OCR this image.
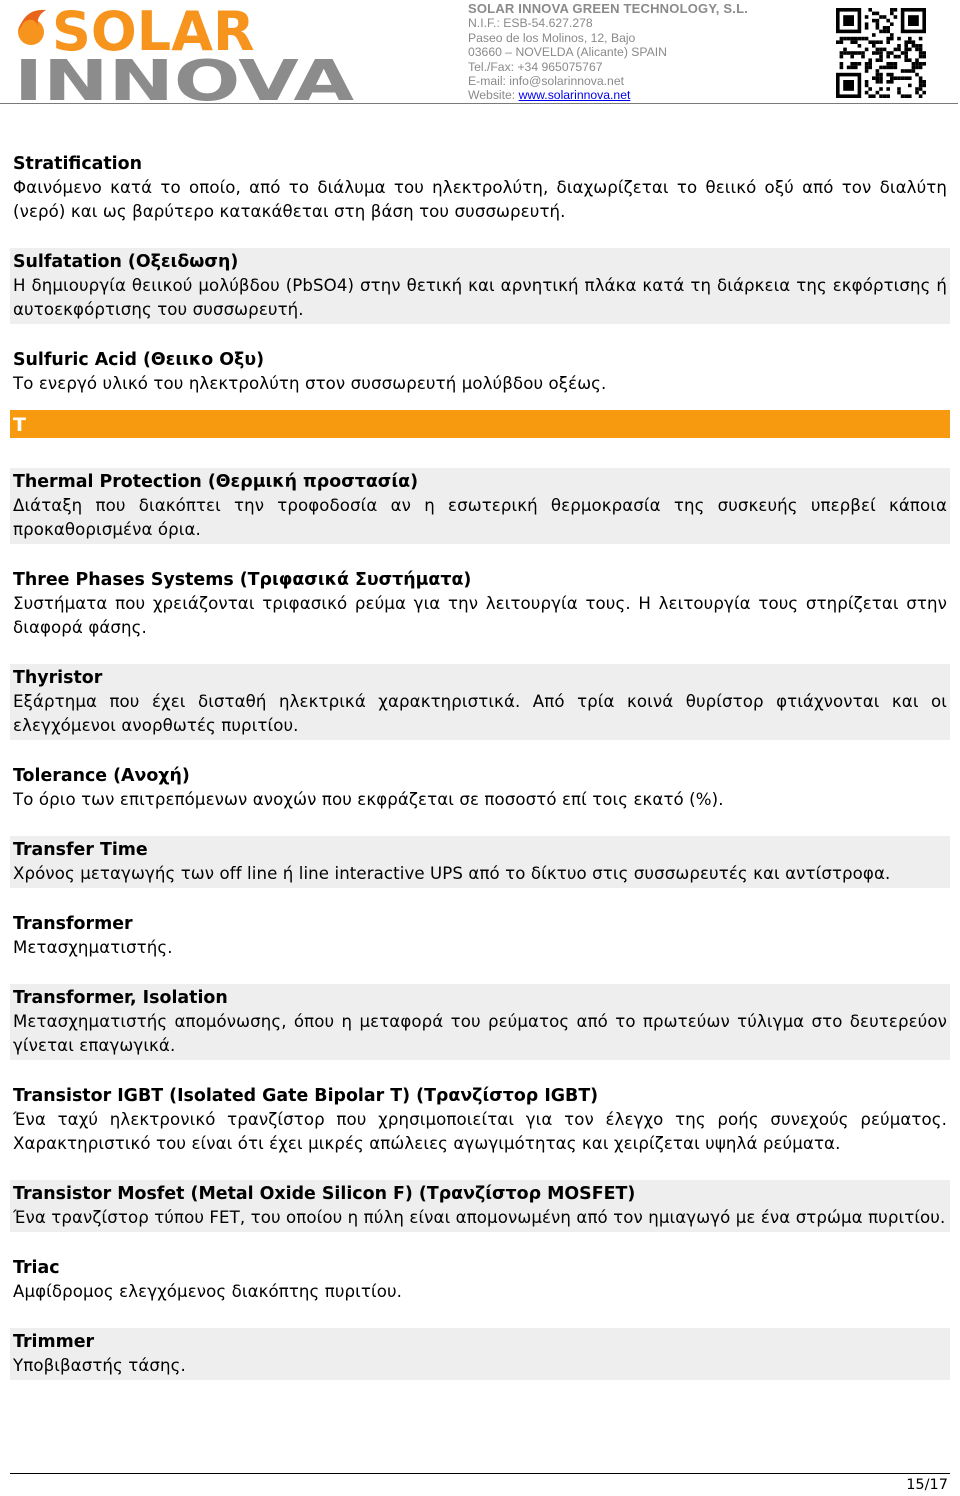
SOLAR
INNOVA
SOLAR INNOVA GREEN TECHNOLOGY, S.L.
N.I.F.: ESB-54.627.278
Paseo de los Molinos, 12, Bajo
03660 – NOVELDA (Alicante) SPAIN
Tel./Fax: +34 965075767
E-mail: info@solarinnova.net
Website: www.solarinnova.net
Stratification
Φαινόμενο κατά το οποίο, από το διάλυμα του ηλεκτρολύτη, διαχωρίζεται το θειικό οξύ από τον διαλύτη (νερό) και ως βαρύτερο κατακάθεται στη βάση του συσσωρευτή.
Sulfatation (Οξειδωση)
Η δημιουργία θειικού μολύβδου (PbSO4) στην θετική και αρνητική πλάκα κατά τη διάρκεια της εκφόρτισης ή αυτοεκφόρτισης του συσσωρευτή.
Sulfuric Acid (Θειικο Οξυ)
Το ενεργό υλικό του ηλεκτρολύτη στον συσσωρευτή μολύβδου οξέως.
T
Thermal Protection (Θερμική προστασία)
Διάταξη που διακόπτει την τροφοδοσία αν η εσωτερική θερμοκρασία της συσκευής υπερβεί κάποια προκαθορισμένα όρια.
Three Phases Systems (Τριφασικά Συστήματα)
Συστήματα που χρειάζονται τριφασικό ρεύμα για την λειτουργία τους. Η λειτουργία τους στηρίζεται στην διαφορά φάσης.
Thyristor
Εξάρτημα που έχει δισταθή ηλεκτρικά χαρακτηριστικά. Από τρία κοινά θυρίστορ φτιάχνονται και οι ελεγχόμενοι ανορθωτές πυριτίου.
Tolerance (Ανοχή)
Το όριο των επιτρεπόμενων ανοχών που εκφράζεται σε ποσοστό επί τοις εκατό (%).
Transfer Time
Χρόνος μεταγωγής των off line ή line interactive UPS από το δίκτυο στις συσσωρευτές και αντίστροφα.
Transformer
Μετασχηματιστής.
Transformer, Isolation
Μετασχηματιστής απομόνωσης, όπου η μεταφορά του ρεύματος από το πρωτεύων τύλιγμα στο δευτερεύον γίνεται επαγωγικά.
Transistor IGBT (Isolated Gate Bipolar T) (Τρανζίστορ IGBT)
Ένα ταχύ ηλεκτρονικό τρανζίστορ που χρησιμοποιείται για τον έλεγχο της ροής συνεχούς ρεύματος. Χαρακτηριστικό του είναι ότι έχει μικρές απώλειες αγωγιμότητας και χειρίζεται υψηλά ρεύματα.
Transistor Mosfet (Metal Oxide Silicon F) (Τρανζίστορ MOSFET)
Ένα τρανζίστορ τύπου FET, του οποίου η πύλη είναι απομονωμένη από τον ημιαγωγό με ένα στρώμα πυριτίου.
Triac
Αμφίδρομος ελεγχόμενος διακόπτης πυριτίου.
Trimmer
Υποβιβαστής τάσης.
15/17
